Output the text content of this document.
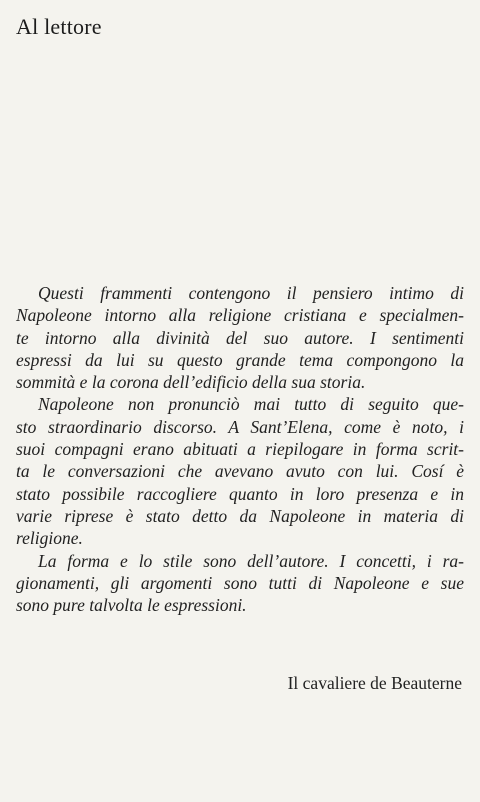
Al lettore
Questi frammenti contengono il pensiero intimo di
Napoleone intorno alla religione cristiana e specialmen-
te intorno alla divinità del suo autore. I sentimenti
espressi da lui su questo grande tema compongono la
sommità e la corona dell’edificio della sua storia.
Napoleone non pronunciò mai tutto di seguito que-
sto straordinario discorso. A Sant’Elena, come è noto, i
suoi compagni erano abituati a riepilogare in forma scrit-
ta le conversazioni che avevano avuto con lui. Cosí è
stato possibile raccogliere quanto in loro presenza e in
varie riprese è stato detto da Napoleone in materia di
religione.
La forma e lo stile sono dell’autore. I concetti, i ra-
gionamenti, gli argomenti sono tutti di Napoleone e sue
sono pure talvolta le espressioni.
Il cavaliere de Beauterne
